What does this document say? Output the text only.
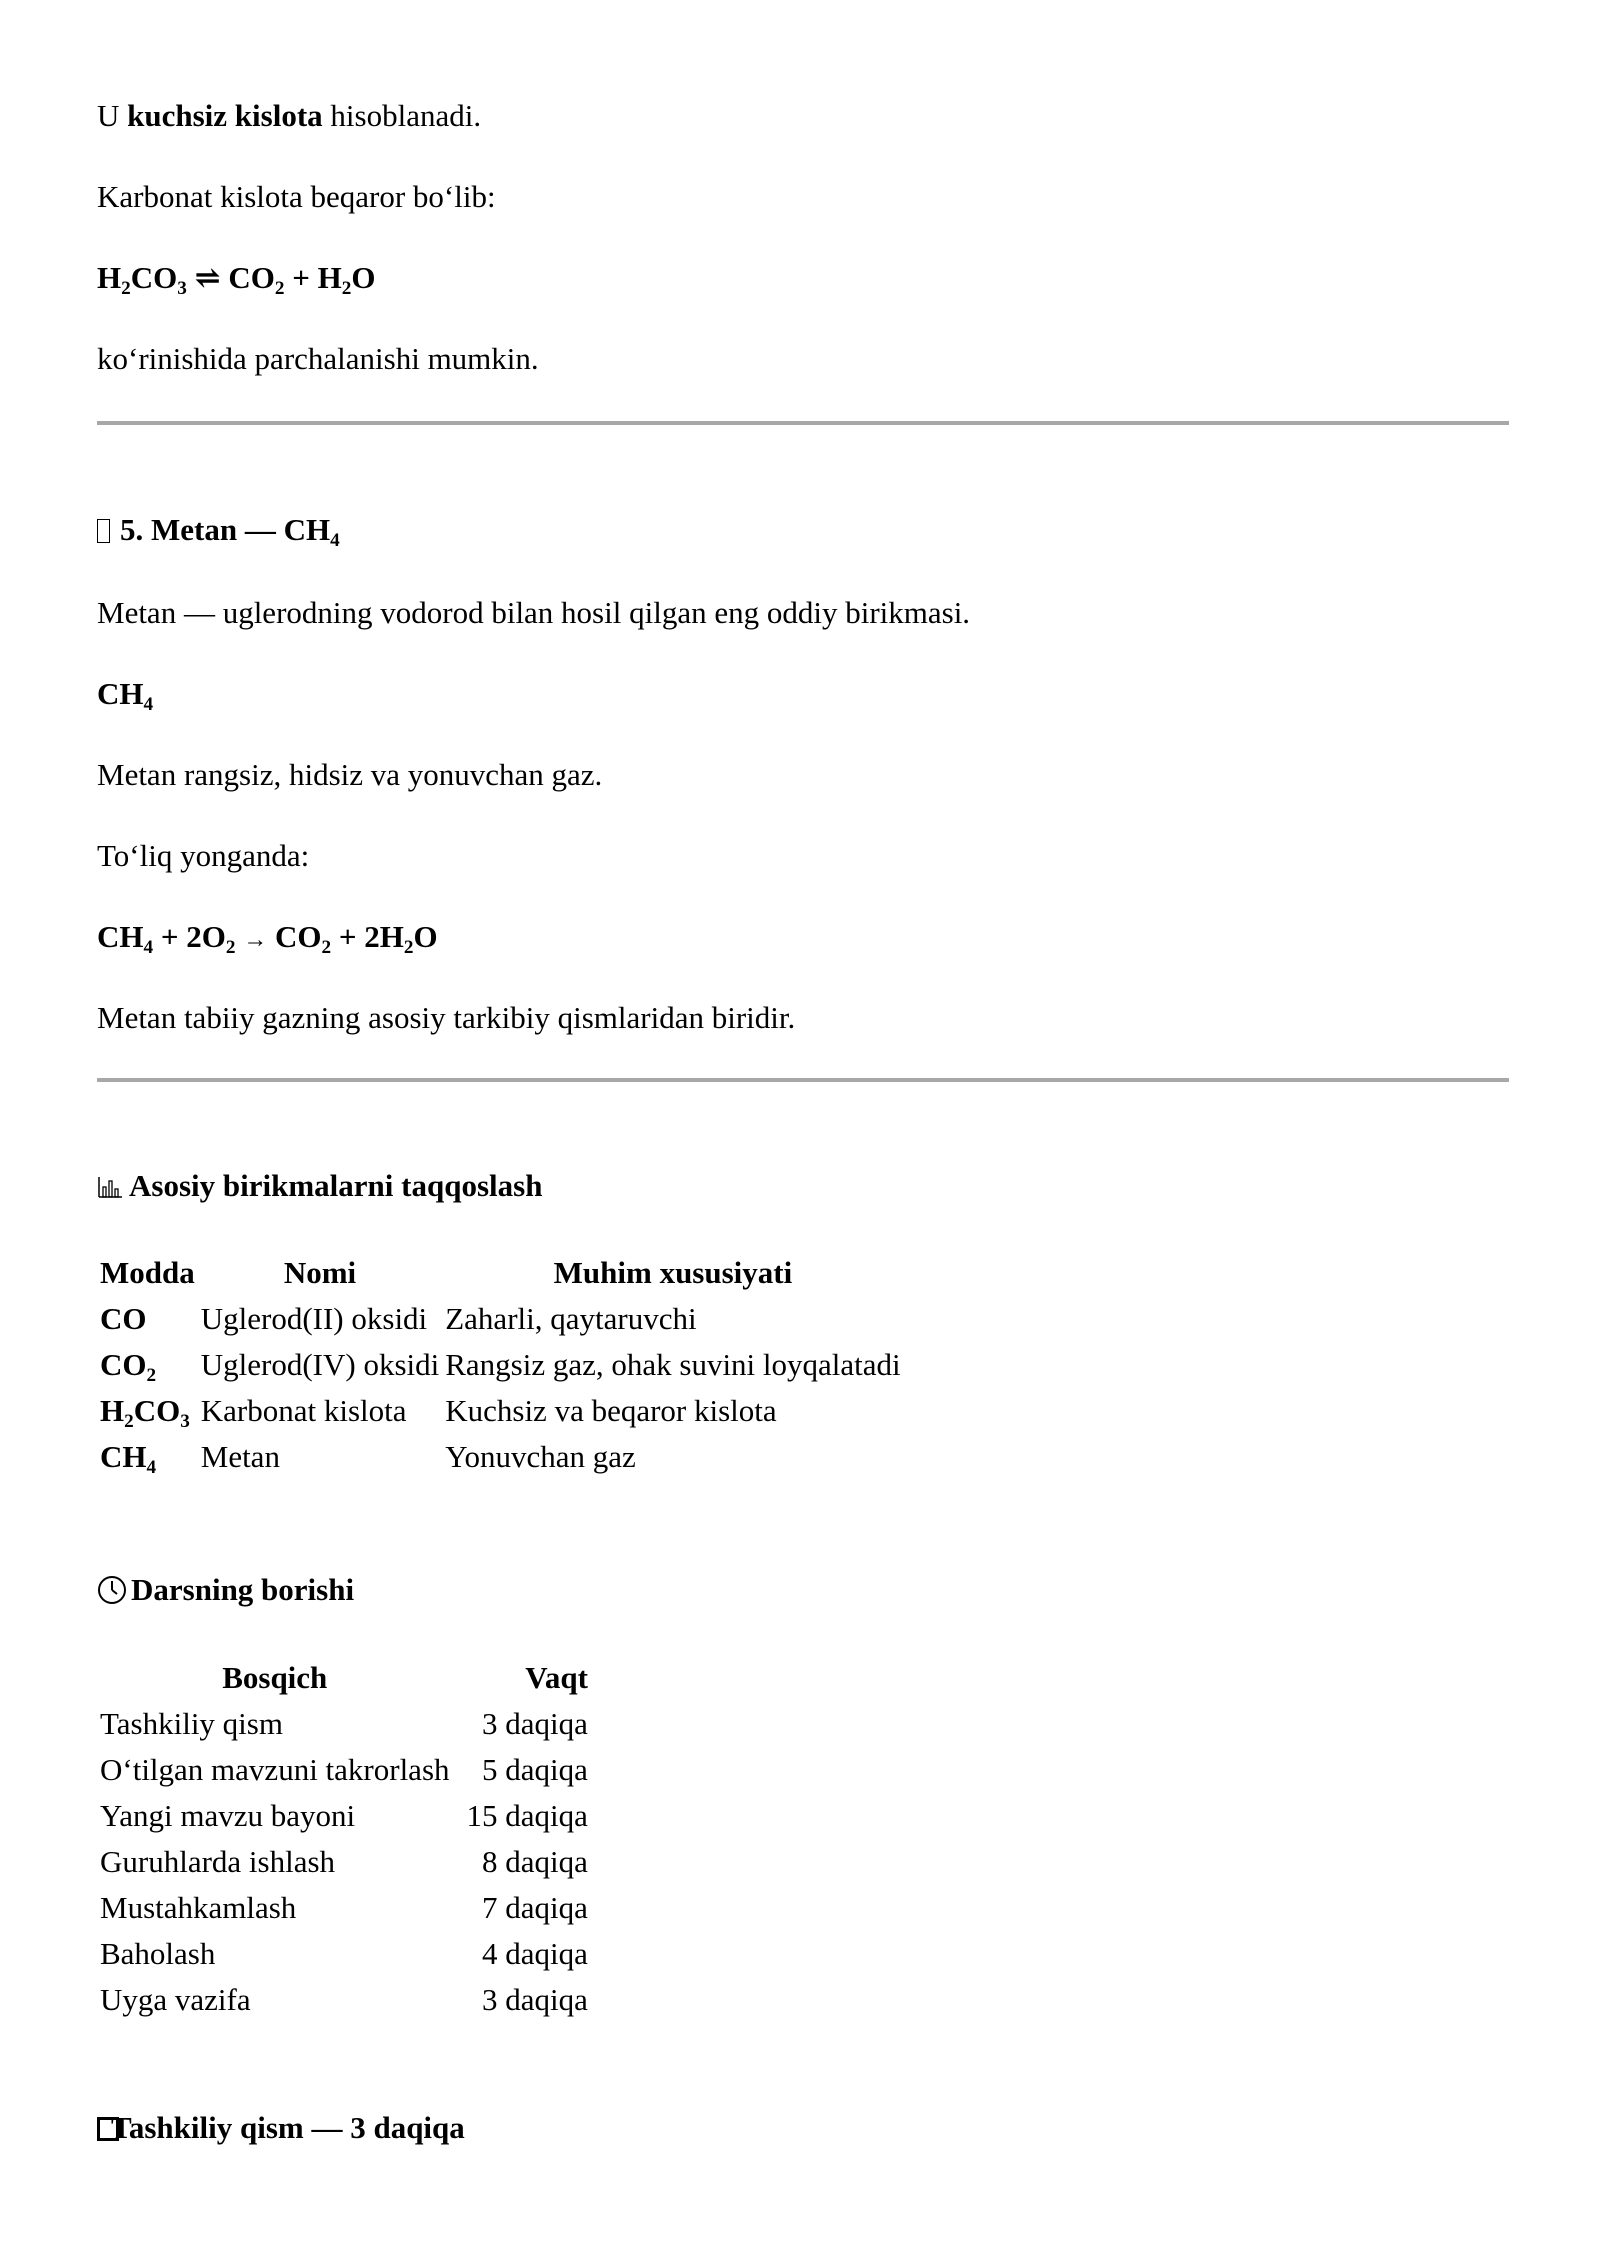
U kuchsiz kislota hisoblanadi.
Karbonat kislota beqaror bo‘lib:
$H_2CO_3$ ⇌ $CO_2 + H_2O$
ko‘rinishida parchalanishi mumkin.
5. Metan — $CH_4$
Metan — uglerodning vodorod bilan hosil qilgan eng oddiy birikmasi.
$CH_4$
Metan rangsiz, hidsiz va yonuvchan gaz.
To‘liq yonganda:
$CH_4 + 2O_2 \to CO_2 + 2H_2O$
Metan tabiiy gazning asosiy tarkibiy qismlaridan biridir.
Asosiy birikmalarni taqqoslash
Modda	Nomi	Muhim xususiyati
CO	Uglerod(II) oksidi	Zaharli, qaytaruvchi
$CO_2$	Uglerod(IV) oksidi	Rangsiz gaz, ohak suvini loyqalatadi
$H_2CO_3$	Karbonat kislota	Kuchsiz va beqaror kislota
$CH_4$	Metan	Yonuvchan gaz
Darsning borishi
Bosqich	Vaqt
Tashkiliy qism	3 daqiqa
O‘tilgan mavzuni takrorlash	5 daqiqa
Yangi mavzu bayoni	15 daqiqa
Guruhlarda ishlash	8 daqiqa
Mustahkamlash	7 daqiqa
Baholash	4 daqiqa
Uyga vazifa	3 daqiqa
Tashkiliy qism — 3 daqiqa
